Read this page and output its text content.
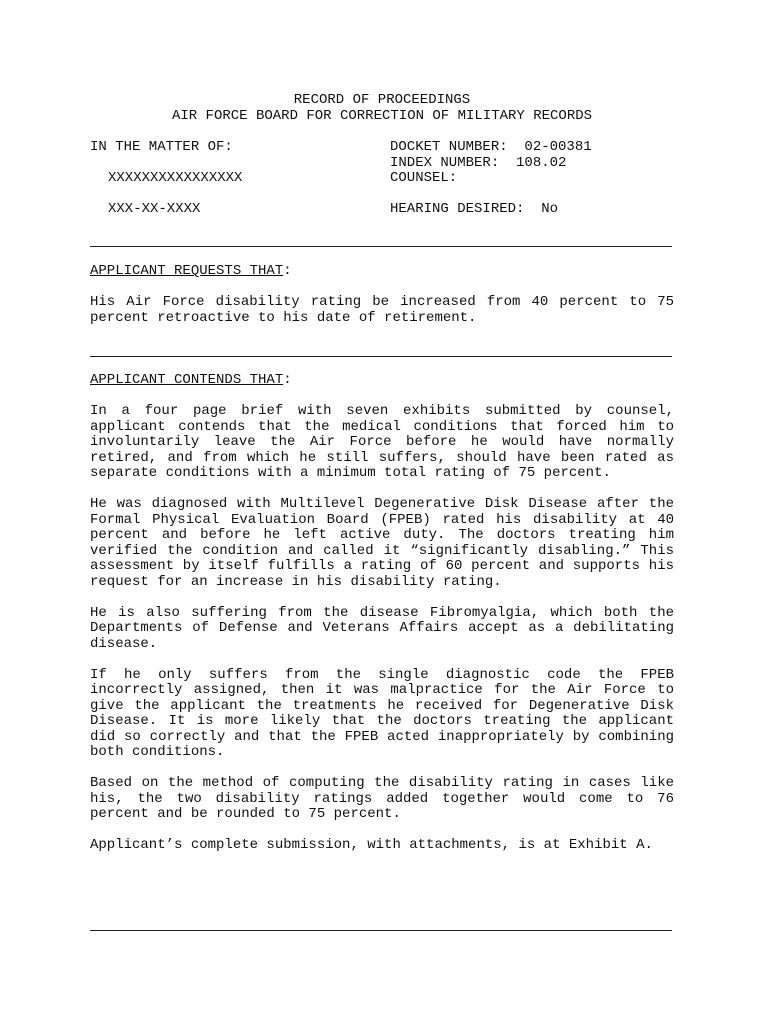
RECORD OF PROCEEDINGS
AIR FORCE BOARD FOR CORRECTION OF MILITARY RECORDS
IN THE MATTER OF:
XXXXXXXXXXXXXXXX
XXX-XX-XXXX
DOCKET NUMBER:  02-00381
INDEX NUMBER:  108.02
COUNSEL:
HEARING DESIRED:  No
APPLICANT REQUESTS THAT:

His Air Force disability rating be increased from 40 percent to 75 percent retroactive to his date of retirement.

APPLICANT CONTENDS THAT:

In a four page brief with seven exhibits submitted by counsel, applicant contends that the medical conditions that forced him to involuntarily leave the Air Force before he would have normally retired, and from which he still suffers, should have been rated as separate conditions with a minimum total rating of 75 percent.

He was diagnosed with Multilevel Degenerative Disk Disease after the Formal Physical Evaluation Board (FPEB) rated his disability at 40 percent and before he left active duty. The doctors treating him verified the condition and called it “significantly disabling.” This assessment by itself fulfills a rating of 60 percent and supports his request for an increase in his disability rating.

He is also suffering from the disease Fibromyalgia, which both the Departments of Defense and Veterans Affairs accept as a debilitating disease.

If he only suffers from the single diagnostic code the FPEB incorrectly assigned, then it was malpractice for the Air Force to give the applicant the treatments he received for Degenerative Disk Disease. It is more likely that the doctors treating the applicant did so correctly and that the FPEB acted inappropriately by combining both conditions.

Based on the method of computing the disability rating in cases like his, the two disability ratings added together would come to 76 percent and be rounded to 75 percent.

Applicant’s complete submission, with attachments, is at Exhibit A.
